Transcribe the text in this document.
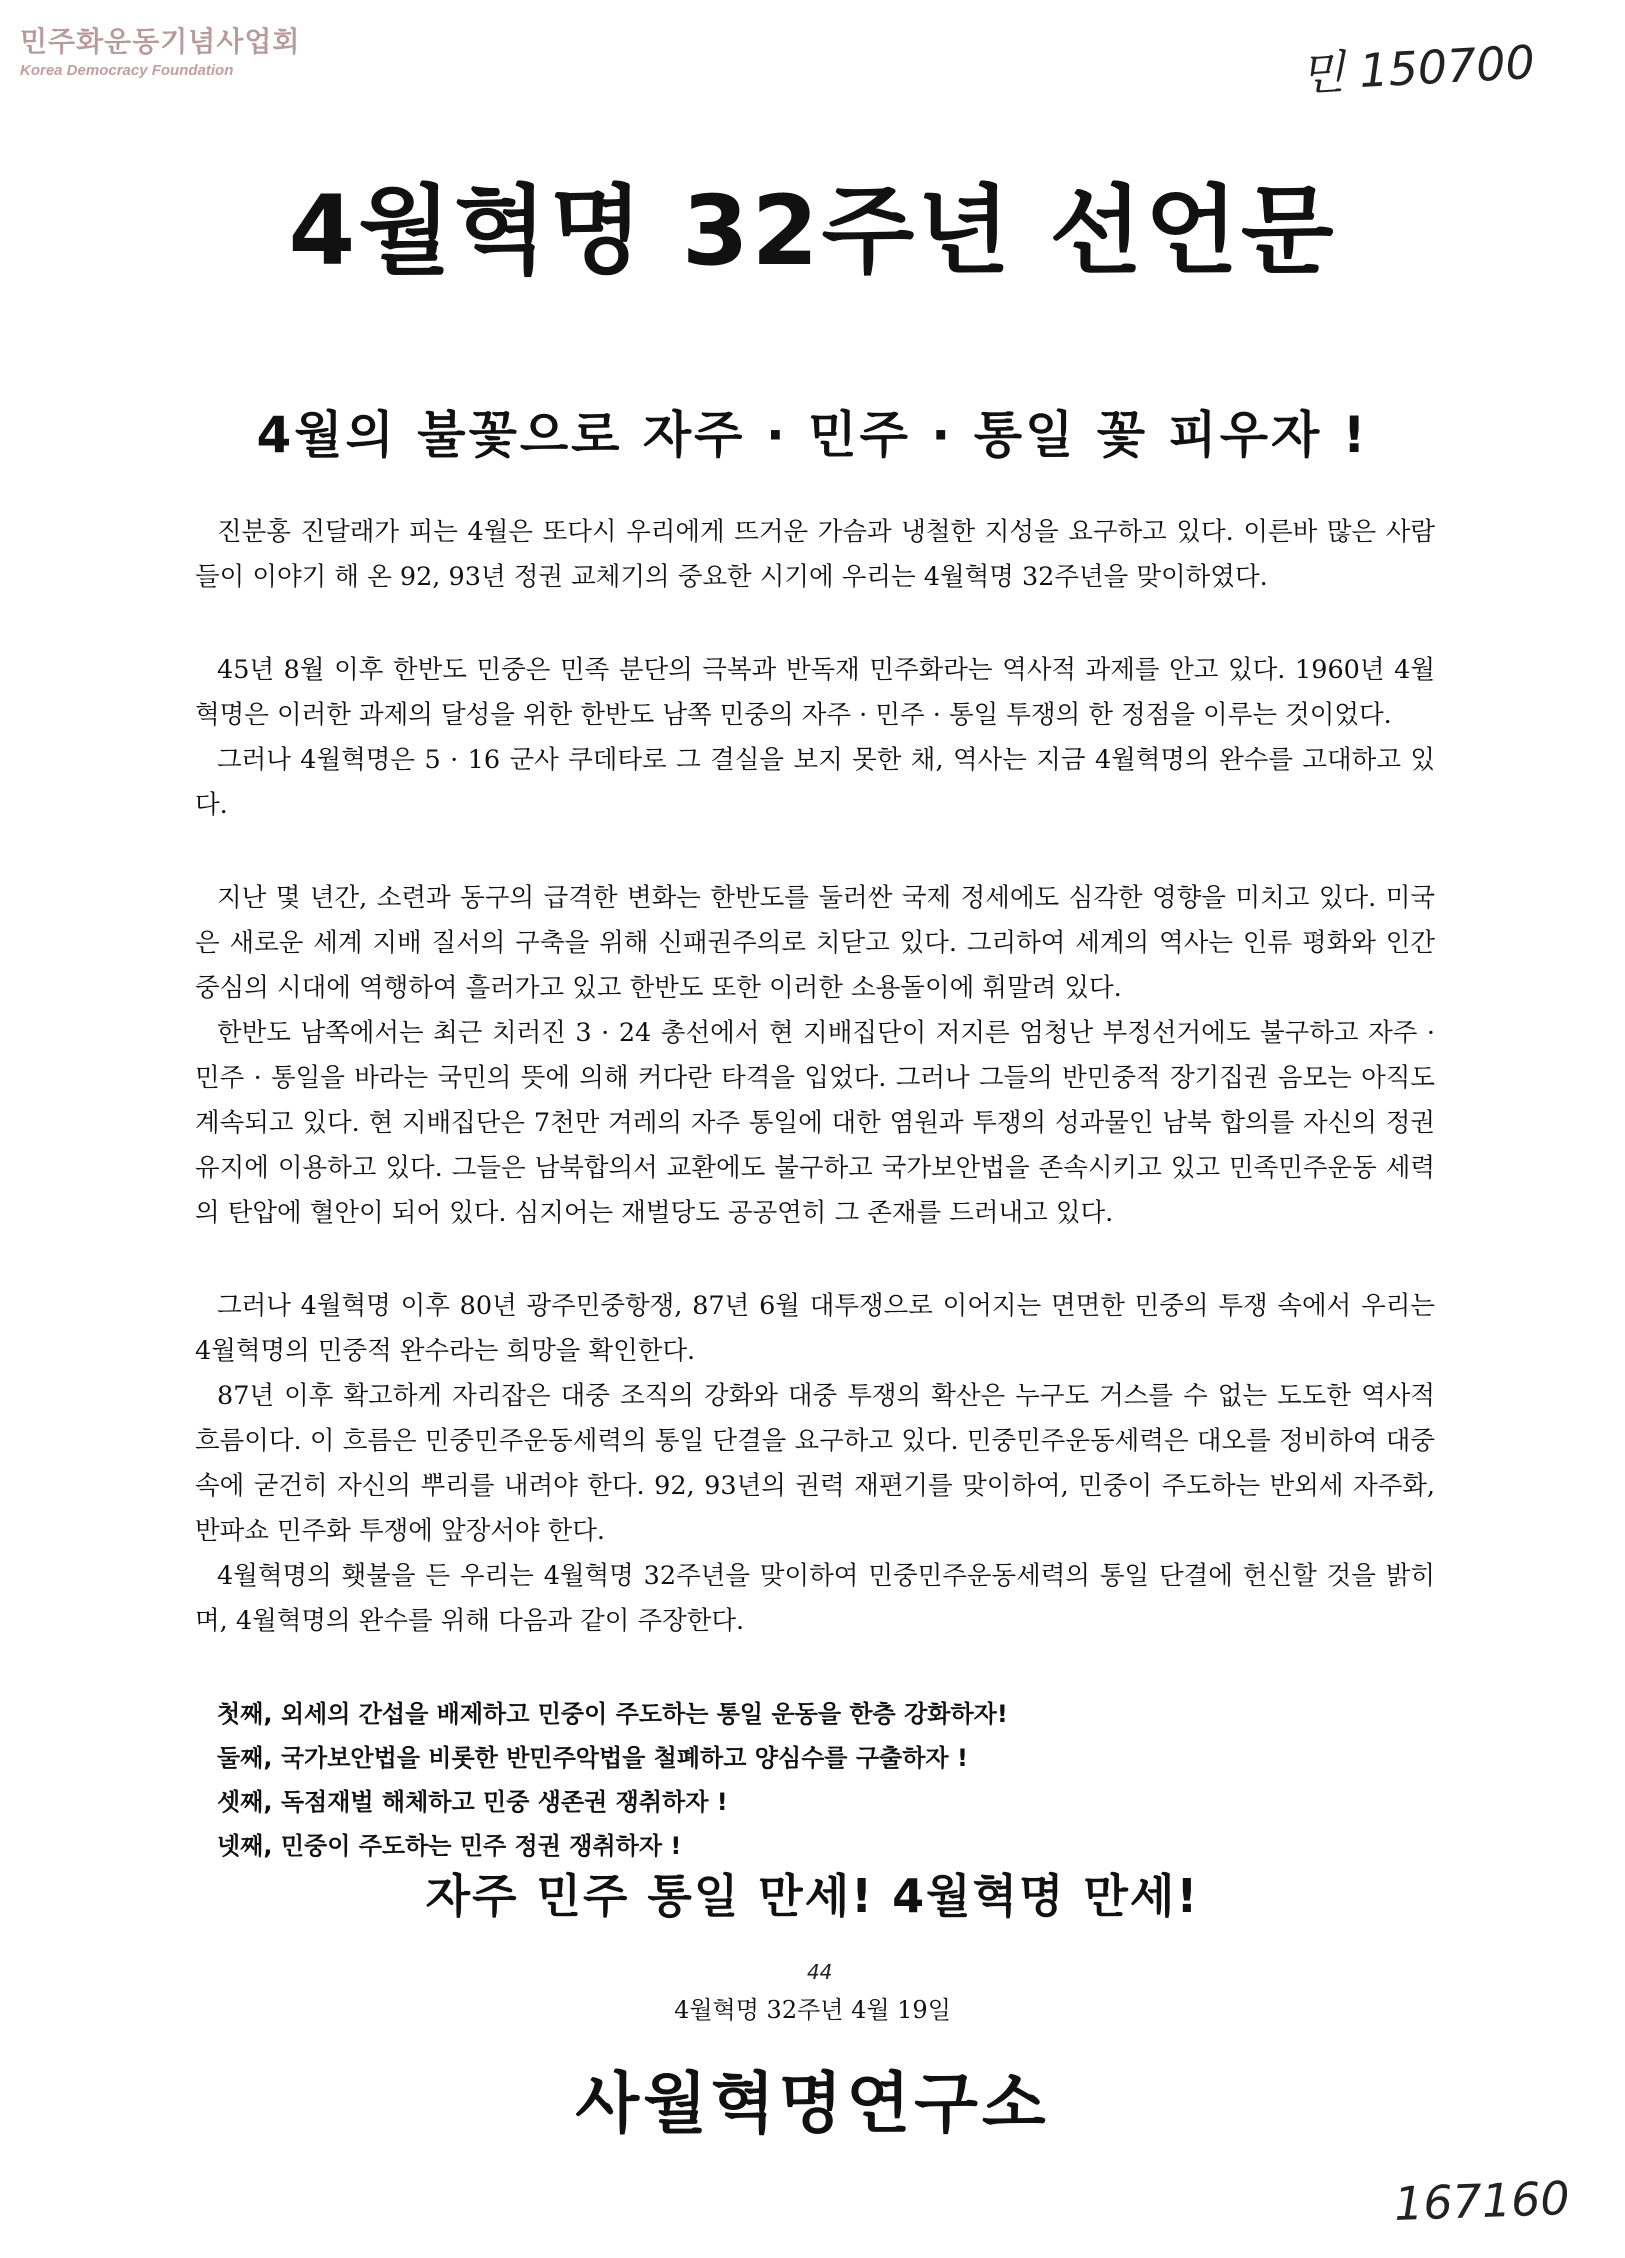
민주화운동기념사업회
Korea Democracy Foundation	민 150700
4월혁명 32주년 선언문
4월의 불꽃으로 자주 · 민주 · 통일 꽃 피우자 !

진분홍 진달래가 피는 4월은 또다시 우리에게 뜨거운 가슴과 냉철한 지성을 요구하고 있다. 이른바 많은 사람들이 이야기 해 온 92, 93년 정권 교체기의 중요한 시기에 우리는 4월혁명 32주년을 맞이하였다.

45년 8월 이후 한반도 민중은 민족 분단의 극복과 반독재 민주화라는 역사적 과제를 안고 있다. 1960년 4월혁명은 이러한 과제의 달성을 위한 한반도 남쪽 민중의 자주 · 민주 · 통일 투쟁의 한 정점을 이루는 것이었다.

그러나 4월혁명은 5 · 16 군사 쿠데타로 그 결실을 보지 못한 채, 역사는 지금 4월혁명의 완수를 고대하고 있다.

지난 몇 년간, 소련과 동구의 급격한 변화는 한반도를 둘러싼 국제 정세에도 심각한 영향을 미치고 있다. 미국은 새로운 세계 지배 질서의 구축을 위해 신패권주의로 치닫고 있다. 그리하여 세계의 역사는 인류 평화와 인간 중심의 시대에 역행하여 흘러가고 있고 한반도 또한 이러한 소용돌이에 휘말려 있다.

한반도 남쪽에서는 최근 치러진 3 · 24 총선에서 현 지배집단이 저지른 엄청난 부정선거에도 불구하고 자주 · 민주 · 통일을 바라는 국민의 뜻에 의해 커다란 타격을 입었다. 그러나 그들의 반민중적 장기집권 음모는 아직도 계속되고 있다. 현 지배집단은 7천만 겨레의 자주 통일에 대한 염원과 투쟁의 성과물인 남북 합의를 자신의 정권 유지에 이용하고 있다. 그들은 남북합의서 교환에도 불구하고 국가보안법을 존속시키고 있고 민족민주운동 세력의 탄압에 혈안이 되어 있다. 심지어는 재벌당도 공공연히 그 존재를 드러내고 있다.

그러나 4월혁명 이후 80년 광주민중항쟁, 87년 6월 대투쟁으로 이어지는 면면한 민중의 투쟁 속에서 우리는 4월혁명의 민중적 완수라는 희망을 확인한다.

87년 이후 확고하게 자리잡은 대중 조직의 강화와 대중 투쟁의 확산은 누구도 거스를 수 없는 도도한 역사적 흐름이다. 이 흐름은 민중민주운동세력의 통일 단결을 요구하고 있다. 민중민주운동세력은 대오를 정비하여 대중 속에 굳건히 자신의 뿌리를 내려야 한다. 92, 93년의 권력 재편기를 맞이하여, 민중이 주도하는 반외세 자주화, 반파쇼 민주화 투쟁에 앞장서야 한다.

4월혁명의 횃불을 든 우리는 4월혁명 32주년을 맞이하여 민중민주운동세력의 통일 단결에 헌신할 것을 밝히며, 4월혁명의 완수를 위해 다음과 같이 주장한다.

첫째, 외세의 간섭을 배제하고 민중이 주도하는 통일 운동을 한층 강화하자!
둘째, 국가보안법을 비롯한 반민주악법을 철폐하고 양심수를 구출하자 !
셋째, 독점재벌 해체하고 민중 생존권 쟁취하자 !
넷째, 민중이 주도하는 민주 정권 쟁취하자 !
자주 민주 통일 만세! 4월혁명 만세!
44
4월혁명 32주년 4월 19일
사월혁명연구소
167160
